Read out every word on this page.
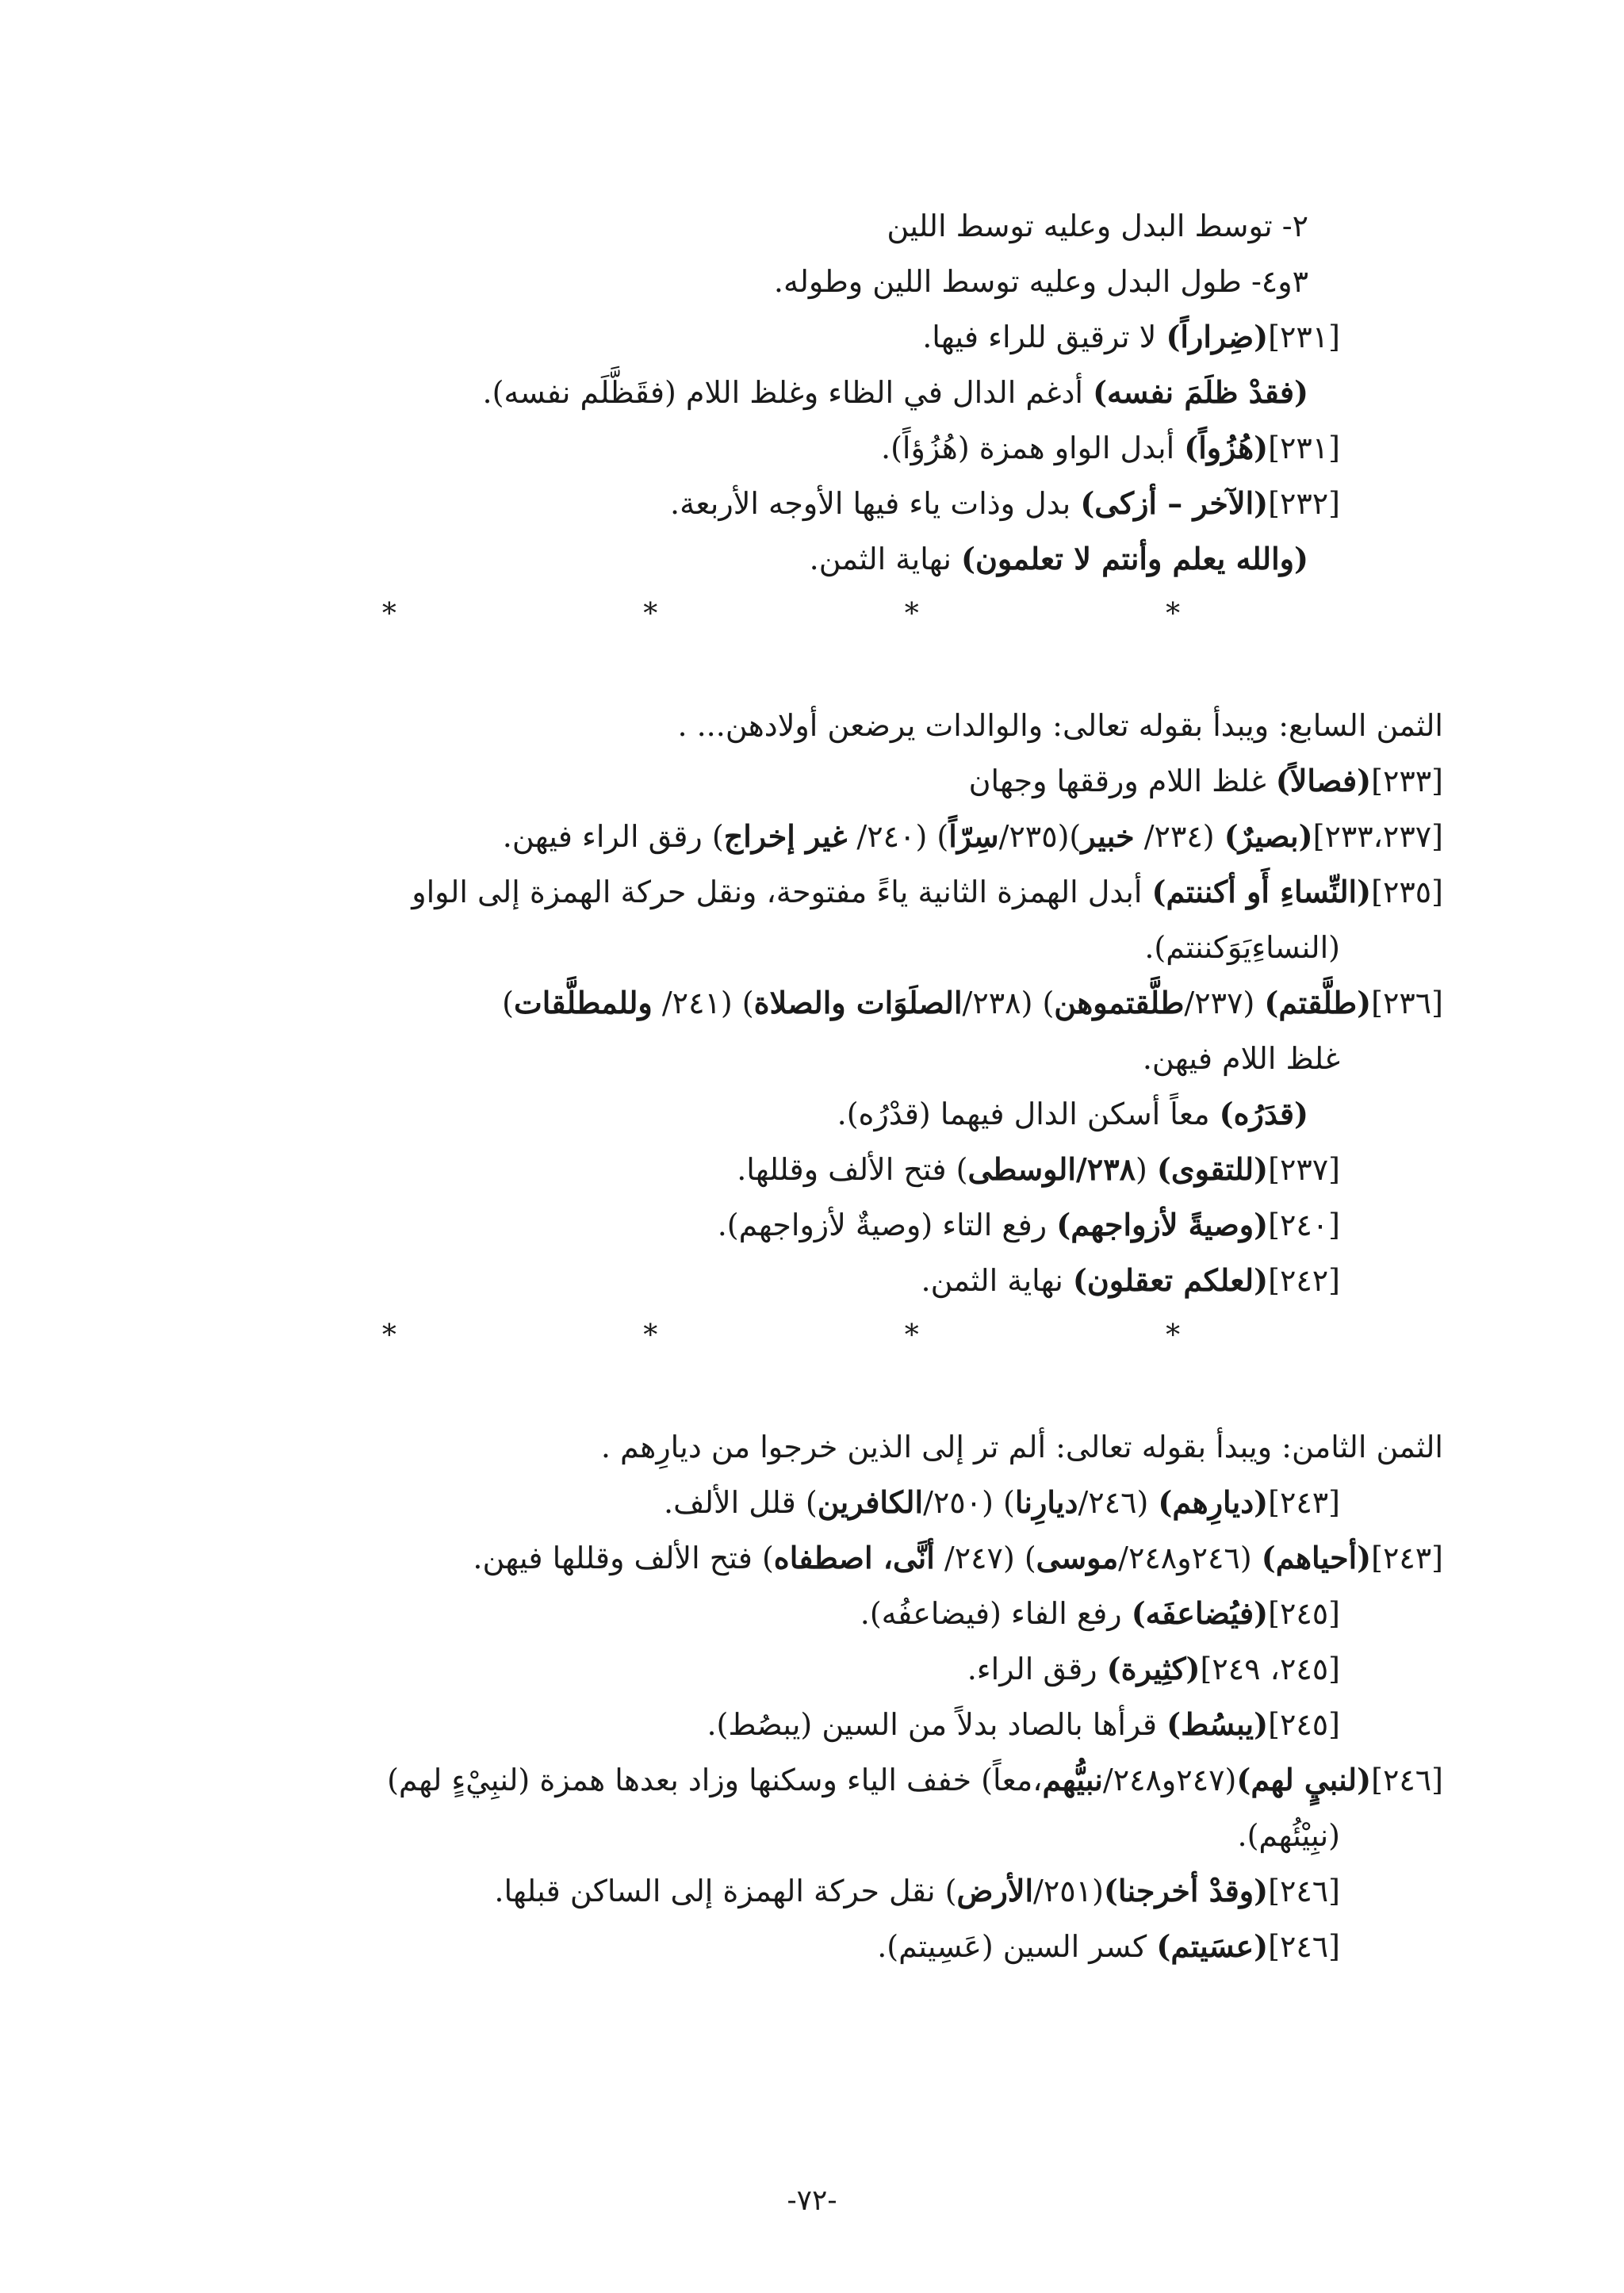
٢- توسط البدل وعليه توسط اللين
٣و٤- طول البدل وعليه توسط اللين وطوله.
[٢٣١](ضِراراً) لا ترقيق للراء فيها.
(فقدْ ظلَمَ نفسه) أدغم الدال في الظاء وغلظ اللام (فقَظَّلَم نفسه).
[٢٣١](هُزُواً) أبدل الواو همزة (هُزُؤاً).
[٢٣٢](الآخر – أزكى) بدل وذات ياء فيها الأوجه الأربعة.
(والله يعلم وأنتم لا تعلمون) نهاية الثمن.
* * * *
الثمن السابع: ويبدأ بقوله تعالى: والوالدات يرضعن أولادهن... .
[٢٣٣](فصالاً) غلظ اللام ورققها وجهان
[٢٣٣،٢٣٧](بصيرٌ) (٢٣٤/ خبير)(٢٣٥/سِرّاً) (٢٤٠/ غير إخراج) رقق الراء فيهن.
[٢٣٥](النِّساءِ أَو أكننتم) أبدل الهمزة الثانية ياءً مفتوحة، ونقل حركة الهمزة إلى الواو
(النساءِيَوَكننتم).
[٢٣٦](طلَّقتم) (٢٣٧/طلَّقتموهن) (٢٣٨/الصلَوَات والصلاة) (٢٤١/ وللمطلَّقات)
غلظ اللام فيهن.
(قدَرُه) معاً أسكن الدال فيهما (قدْرُه).
[٢٣٧](للتقوى) (٢٣٨/الوسطى) فتح الألف وقللها.
[٢٤٠](وصيةً لأزواجهم) رفع التاء (وصيةٌ لأزواجهم).
[٢٤٢](لعلكم تعقلون) نهاية الثمن.
* * * *
الثمن الثامن: ويبدأ بقوله تعالى: ألم تر إلى الذين خرجوا من ديارِهم .
[٢٤٣](ديارِهم) (٢٤٦/ديارِنا) (٢٥٠/الكافرين) قلل الألف.
[٢٤٣](أحياهم) (٢٤٦و٢٤٨/موسى) (٢٤٧/ أنَّى، اصطفاه) فتح الألف وقللها فيهن.
[٢٤٥](فيُضاعفَه) رفع الفاء (فيضاعفُه).
[٢٤٥، ٢٤٩](كثِيرة) رقق الراء.
[٢٤٥](يبسُط) قرأها بالصاد بدلاً من السين (يبصُط).
[٢٤٦](لنبيٍ لهم)(٢٤٧و٢٤٨/نبيُّهم،معاً) خفف الياء وسكنها وزاد بعدها همزة (لنبِيْءٍ لهم)
(نبِيْئُهم).
[٢٤٦](وقدْ أخرجنا)(٢٥١/الأرض) نقل حركة الهمزة إلى الساكن قبلها.
[٢٤٦](عسَيتم) كسر السين (عَسِيتم).
-٧٢-
